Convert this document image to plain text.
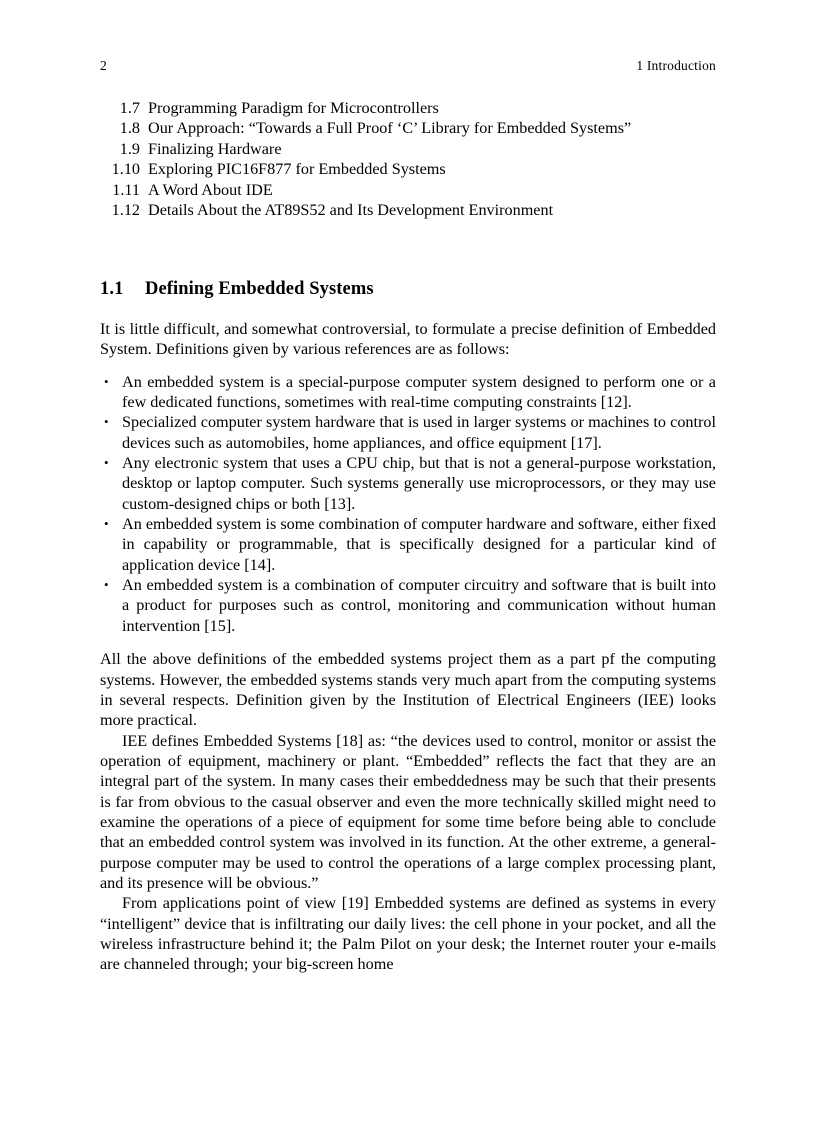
2	1 Introduction
1.7 Programming Paradigm for Microcontrollers
1.8 Our Approach: “Towards a Full Proof ‘C’ Library for Embedded Systems”
1.9 Finalizing Hardware
1.10 Exploring PIC16F877 for Embedded Systems
1.11 A Word About IDE
1.12 Details About the AT89S52 and Its Development Environment
1.1 Defining Embedded Systems

It is little difficult, and somewhat controversial, to formulate a precise definition of Embedded System. Definitions given by various references are as follows:

• An embedded system is a special-purpose computer system designed to perform one or a few dedicated functions, sometimes with real-time computing constraints [12].
• Specialized computer system hardware that is used in larger systems or machines to control devices such as automobiles, home appliances, and office equipment [17].
• Any electronic system that uses a CPU chip, but that is not a general-purpose workstation, desktop or laptop computer. Such systems generally use microprocessors, or they may use custom-designed chips or both [13].
• An embedded system is some combination of computer hardware and software, either fixed in capability or programmable, that is specifically designed for a particular kind of application device [14].
• An embedded system is a combination of computer circuitry and software that is built into a product for purposes such as control, monitoring and communication without human intervention [15].

All the above definitions of the embedded systems project them as a part pf the computing systems. However, the embedded systems stands very much apart from the computing systems in several respects. Definition given by the Institution of Electrical Engineers (IEE) looks more practical.

IEE defines Embedded Systems [18] as: “the devices used to control, monitor or assist the operation of equipment, machinery or plant. “Embedded” reflects the fact that they are an integral part of the system. In many cases their embeddedness may be such that their presents is far from obvious to the casual observer and even the more technically skilled might need to examine the operations of a piece of equipment for some time before being able to conclude that an embedded control system was involved in its function. At the other extreme, a general-purpose computer may be used to control the operations of a large complex processing plant, and its presence will be obvious.”

From applications point of view [19] Embedded systems are defined as systems in every “intelligent” device that is infiltrating our daily lives: the cell phone in your pocket, and all the wireless infrastructure behind it; the Palm Pilot on your desk; the Internet router your e-mails are channeled through; your big-screen home
